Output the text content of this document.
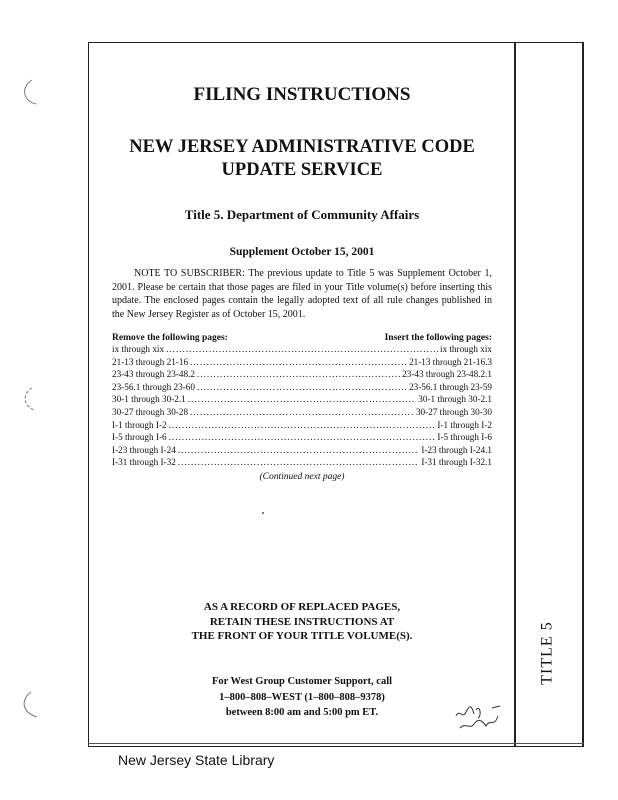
TITLE 5
FILING INSTRUCTIONS
NEW JERSEY ADMINISTRATIVE CODE
UPDATE SERVICE
Title 5. Department of Community Affairs
Supplement October 15, 2001

NOTE TO SUBSCRIBER: The previous update to Title 5 was Supplement October 1, 2001. Please be certain that those pages are filed in your Title volume(s) before inserting this update. The enclosed pages contain the legally adopted text of all rule changes published in the New Jersey Register as of October 15, 2001.

Remove the following pages:	Insert the following pages:
ix through xix .....	ix through xix
21-13 through 21-16 .....	21-13 through 21-16.3
23-43 through 23-48.2 .....	23-43 through 23-48.2.1
23-56.1 through 23-60 .....	23-56.1 through 23-59
30-1 through 30-2.1 .....	30-1 through 30-2.1
30-27 through 30-28 .....	30-27 through 30-30
I-1 through I-2 .....	I-1 through I-2
I-5 through I-6 .....	I-5 through I-6
I-23 through I-24 .....	I-23 through I-24.1
I-31 through I-32 .....	I-31 through I-32.1
(Continued next page)
AS A RECORD OF REPLACED PAGES,
RETAIN THESE INSTRUCTIONS AT
THE FRONT OF YOUR TITLE VOLUME(S).
For West Group Customer Support, call
1–800–808–WEST (1–800–808–9378)
between 8:00 am and 5:00 pm ET.
New Jersey State Library
